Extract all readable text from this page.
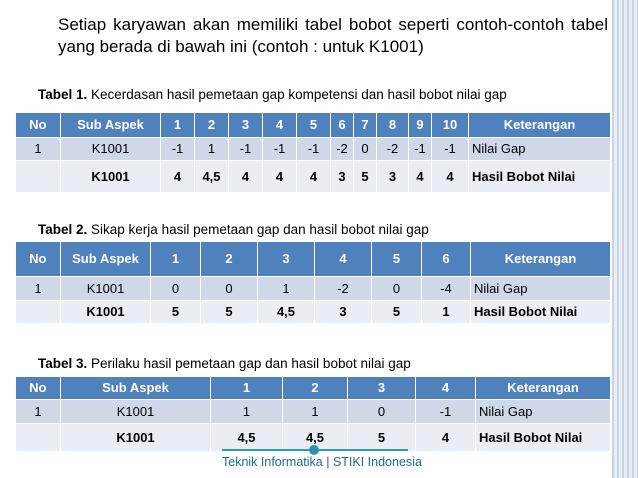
Setiap karyawan akan memiliki tabel bobot seperti contoh-contoh tabel yang berada di bawah ini (contoh : untuk K1001)
Tabel 1. Kecerdasan hasil pemetaan gap kompetensi dan hasil bobot nilai gap
No	Sub Aspek	1	2	3	4	5	6	7	8	9	10	Keterangan
1	K1001	-1	1	-1	-1	-1	-2	0	-2	-1	-1	Nilai Gap
	K1001	4	4,5	4	4	4	3	5	3	4	4	Hasil Bobot Nilai
Tabel 2. Sikap kerja hasil pemetaan gap dan hasil bobot nilai gap
No	Sub Aspek	1	2	3	4	5	6	Keterangan
1	K1001	0	0	1	-2	0	-4	Nilai Gap
	K1001	5	5	4,5	3	5	1	Hasil Bobot Nilai
Tabel 3. Perilaku hasil pemetaan gap dan hasil bobot nilai gap
No	Sub Aspek	1	2	3	4	Keterangan
1	K1001	1	1	0	-1	Nilai Gap
	K1001	4,5	4,5	5	4	Hasil Bobot Nilai
Teknik Informatika | STIKI Indonesia
